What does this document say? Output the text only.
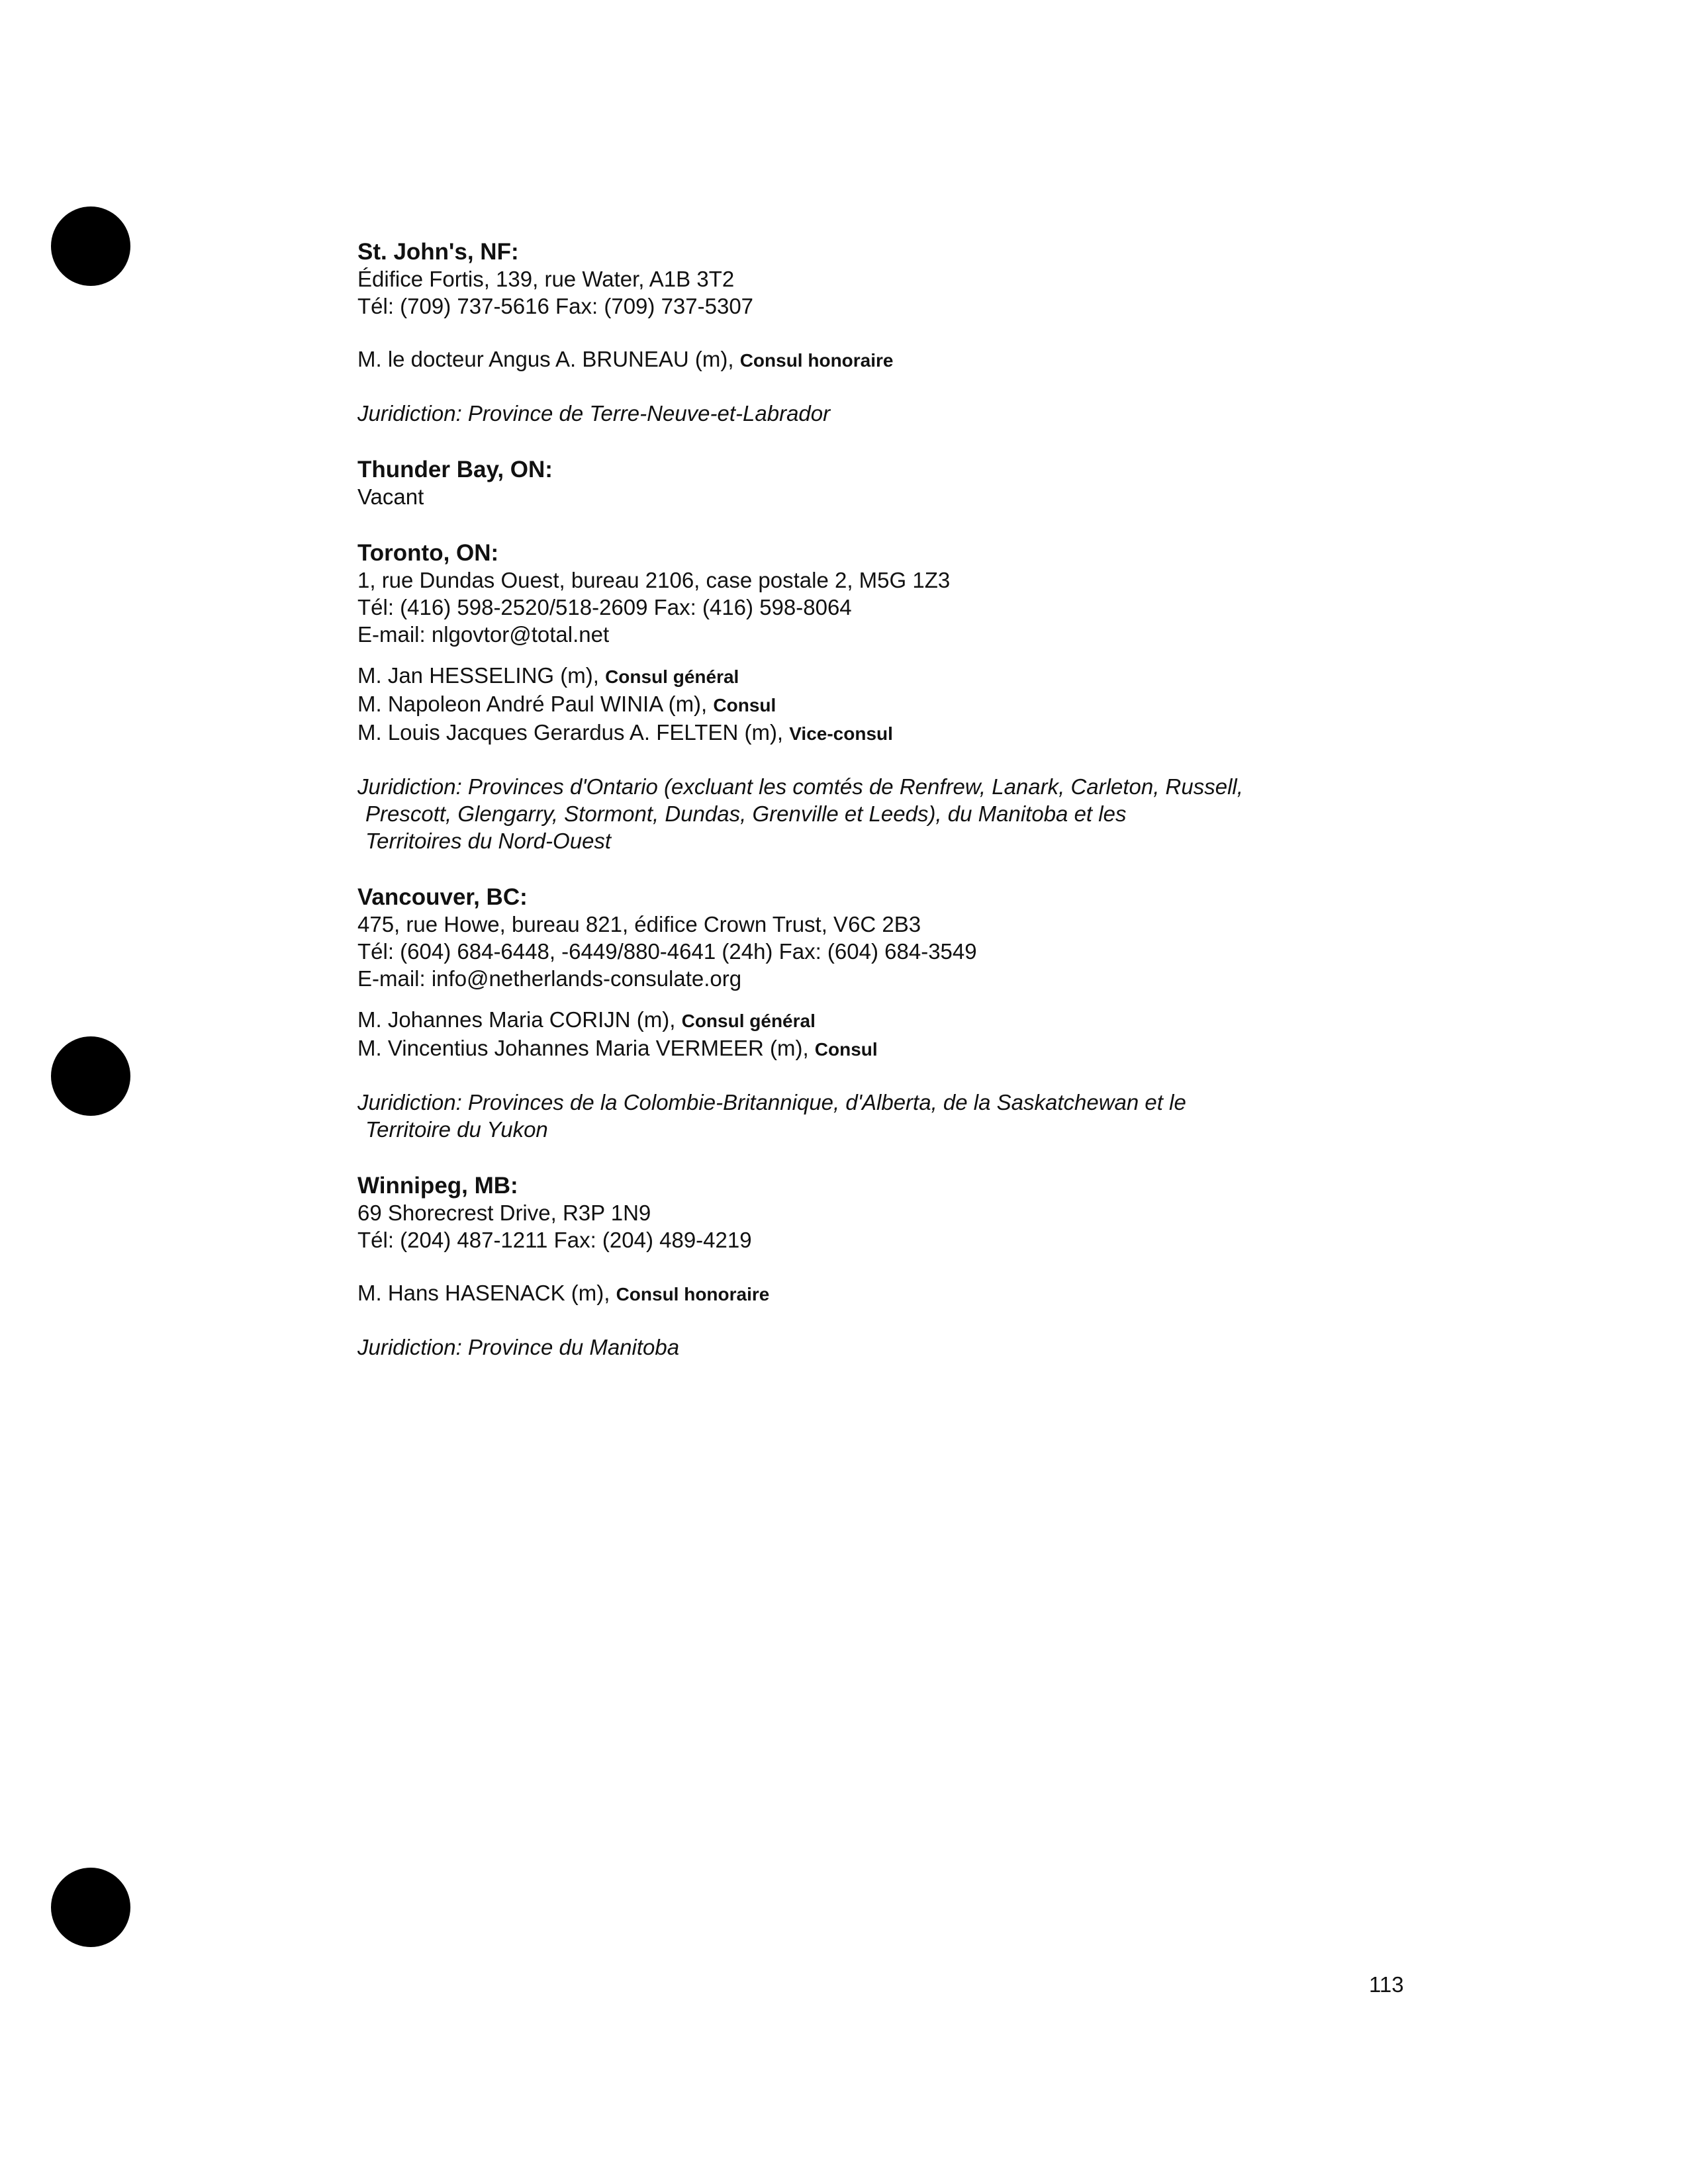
St. John's, NF:
Édifice Fortis, 139, rue Water, A1B 3T2
Tél: (709) 737-5616 Fax: (709) 737-5307
M. le docteur Angus A. BRUNEAU (m), Consul honoraire
Juridiction: Province de Terre-Neuve-et-Labrador
Thunder Bay, ON:
Vacant
Toronto, ON:
1, rue Dundas Ouest, bureau 2106, case postale 2, M5G 1Z3
Tél: (416) 598-2520/518-2609 Fax: (416) 598-8064
E-mail: nlgovtor@total.net
M. Jan HESSELING (m), Consul général
M. Napoleon André Paul WINIA (m), Consul
M. Louis Jacques Gerardus A. FELTEN (m), Vice-consul
Juridiction: Provinces d'Ontario (excluant les comtés de Renfrew, Lanark, Carleton, Russell,
Prescott, Glengarry, Stormont, Dundas, Grenville et Leeds), du Manitoba et les
Territoires du Nord-Ouest
Vancouver, BC:
475, rue Howe, bureau 821, édifice Crown Trust, V6C 2B3
Tél: (604) 684-6448, -6449/880-4641 (24h) Fax: (604) 684-3549
E-mail: info@netherlands-consulate.org
M. Johannes Maria CORIJN (m), Consul général
M. Vincentius Johannes Maria VERMEER (m), Consul
Juridiction: Provinces de la Colombie-Britannique, d'Alberta, de la Saskatchewan et le
Territoire du Yukon
Winnipeg, MB:
69 Shorecrest Drive, R3P 1N9
Tél: (204) 487-1211 Fax: (204) 489-4219
M. Hans HASENACK (m), Consul honoraire
Juridiction: Province du Manitoba
113
